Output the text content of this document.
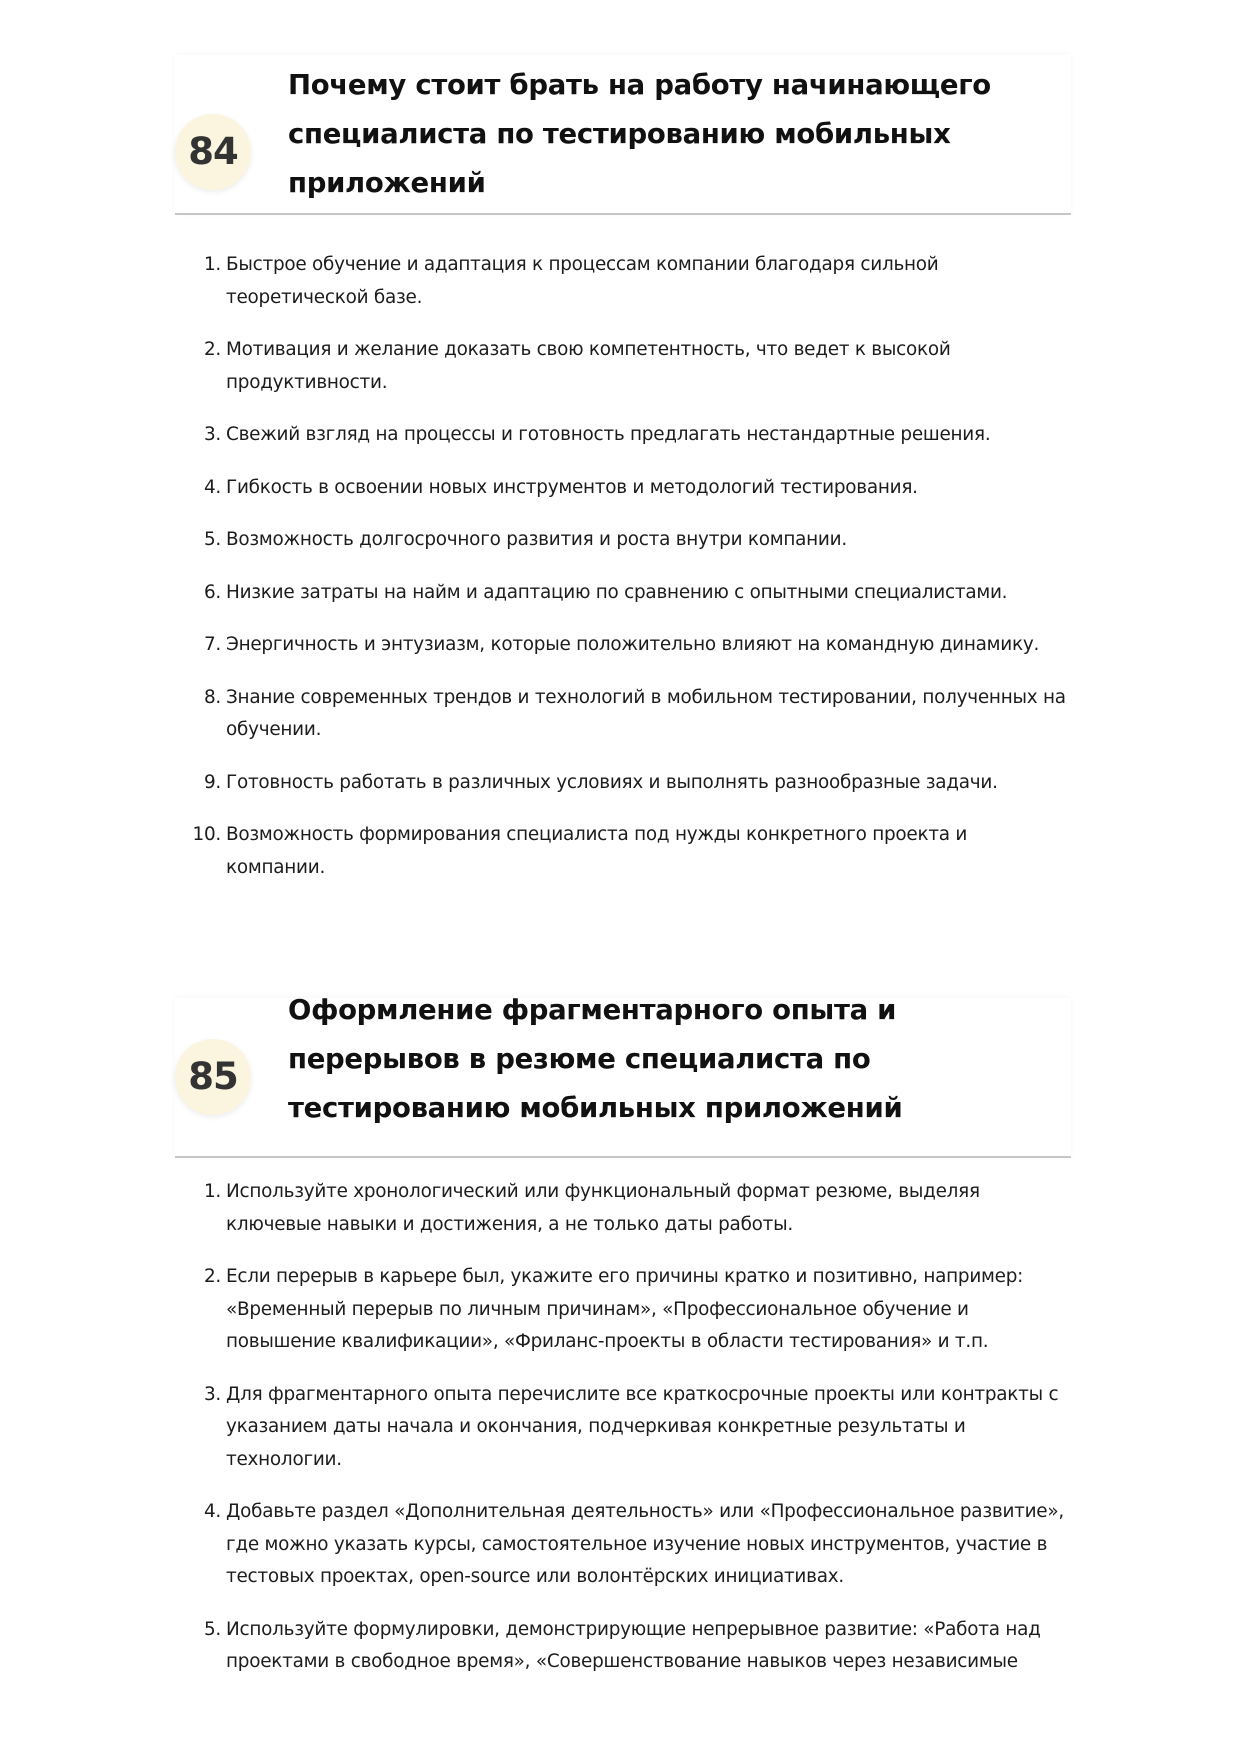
84
Почему стоит брать на работу начинающего специалиста по тестированию мобильных приложений
1. Быстрое обучение и адаптация к процессам компании благодаря сильной теоретической базе.
2. Мотивация и желание доказать свою компетентность, что ведет к высокой продуктивности.
3. Свежий взгляд на процессы и готовность предлагать нестандартные решения.
4. Гибкость в освоении новых инструментов и методологий тестирования.
5. Возможность долгосрочного развития и роста внутри компании.
6. Низкие затраты на найм и адаптацию по сравнению с опытными специалистами.
7. Энергичность и энтузиазм, которые положительно влияют на командную динамику.
8. Знание современных трендов и технологий в мобильном тестировании, полученных на обучении.
9. Готовность работать в различных условиях и выполнять разнообразные задачи.
10. Возможность формирования специалиста под нужды конкретного проекта и компании.
85
Оформление фрагментарного опыта и перерывов в резюме специалиста по тестированию мобильных приложений
1. Используйте хронологический или функциональный формат резюме, выделяя ключевые навыки и достижения, а не только даты работы.
2. Если перерыв в карьере был, укажите его причины кратко и позитивно, например: «Временный перерыв по личным причинам», «Профессиональное обучение и повышение квалификации», «Фриланс-проекты в области тестирования» и т.п.
3. Для фрагментарного опыта перечислите все краткосрочные проекты или контракты с указанием даты начала и окончания, подчеркивая конкретные результаты и технологии.
4. Добавьте раздел «Дополнительная деятельность» или «Профессиональное развитие», где можно указать курсы, самостоятельное изучение новых инструментов, участие в тестовых проектах, open-source или волонтёрских инициативах.
5. Используйте формулировки, демонстрирующие непрерывное развитие: «Работа над проектами в свободное время», «Совершенствование навыков через независимые
